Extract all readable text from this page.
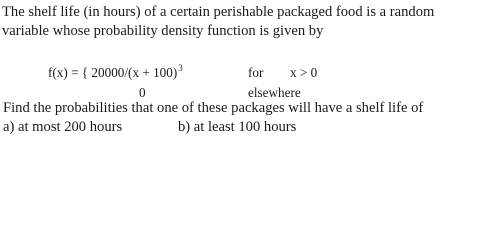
The shelf life (in hours) of a certain perishable packaged food is a random
variable whose probability density function is given by
f(x) = { $20000/(x + 100)^3$	for x > 0
0	elsewhere
Find the probabilities that one of these packages will have a shelf life of
a) at most 200 hours	b) at least 100 hours
